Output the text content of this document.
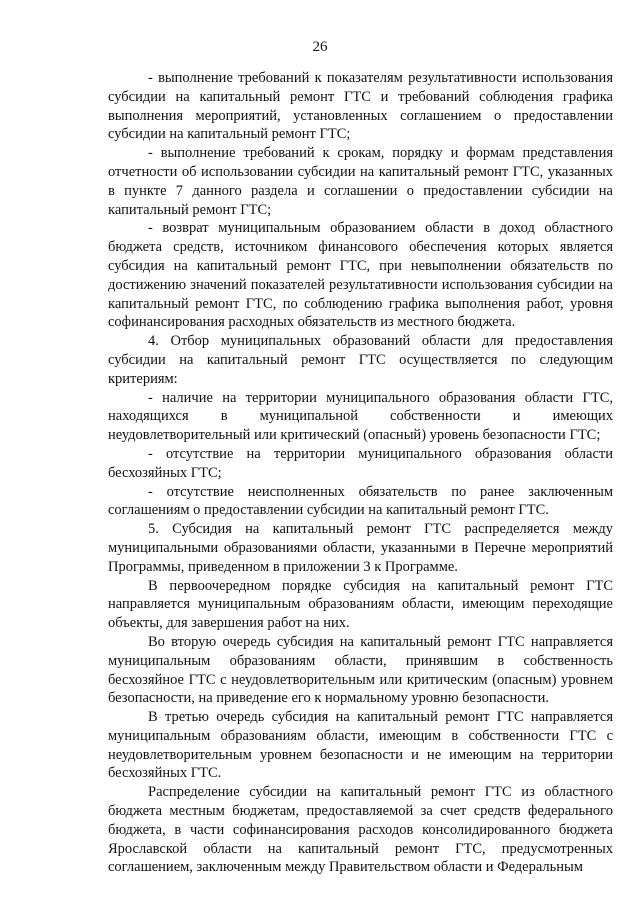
26

- выполнение требований к показателям результативности использования субсидии на капитальный ремонт ГТС и требований соблюдения графика выполнения мероприятий, установленных соглашением о предоставлении субсидии на капитальный ремонт ГТС;

- выполнение требований к срокам, порядку и формам представления отчетности об использовании субсидии на капитальный ремонт ГТС, указанных в пункте 7 данного раздела и соглашении о предоставлении субсидии на капитальный ремонт ГТС;

- возврат муниципальным образованием области в доход областного бюджета средств, источником финансового обеспечения которых является субсидия на капитальный ремонт ГТС, при невыполнении обязательств по достижению значений показателей результативности использования субсидии на капитальный ремонт ГТС, по соблюдению графика выполнения работ, уровня софинансирования расходных обязательств из местного бюджета.

4. Отбор муниципальных образований области для предоставления субсидии на капитальный ремонт ГТС осуществляется по следующим критериям:

- наличие на территории муниципального образования области ГТС, находящихся в муниципальной собственности и имеющих неудовлетворительный или критический (опасный) уровень безопасности ГТС;

- отсутствие на территории муниципального образования области бесхозяйных ГТС;

- отсутствие неисполненных обязательств по ранее заключенным соглашениям о предоставлении субсидии на капитальный ремонт ГТС.

5. Субсидия на капитальный ремонт ГТС распределяется между муниципальными образованиями области, указанными в Перечне мероприятий Программы, приведенном в приложении 3 к Программе.

В первоочередном порядке субсидия на капитальный ремонт ГТС направляется муниципальным образованиям области, имеющим переходящие объекты, для завершения работ на них.

Во вторую очередь субсидия на капитальный ремонт ГТС направляется муниципальным образованиям области, принявшим в собственность бесхозяйное ГТС с неудовлетворительным или критическим (опасным) уровнем безопасности, на приведение его к нормальному уровню безопасности.

В третью очередь субсидия на капитальный ремонт ГТС направляется муниципальным образованиям области, имеющим в собственности ГТС с неудовлетворительным уровнем безопасности и не имеющим на территории бесхозяйных ГТС.

Распределение субсидии на капитальный ремонт ГТС из областного бюджета местным бюджетам, предоставляемой за счет средств федерального бюджета, в части софинансирования расходов консолидированного бюджета Ярославской области на капитальный ремонт ГТС, предусмотренных соглашением, заключенным между Правительством области и Федеральным
